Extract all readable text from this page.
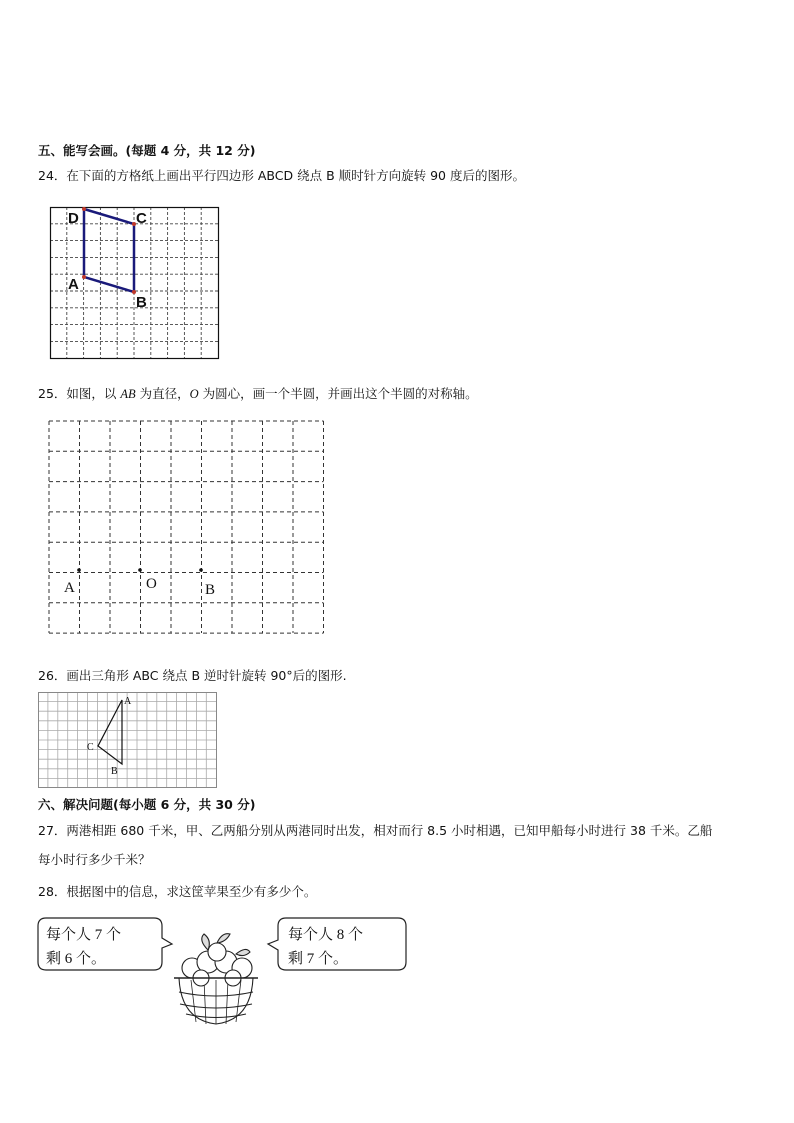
五、能写会画。(每题 4 分，共 12 分)
24．在下面的方格纸上画出平行四边形 ABCD 绕点 B 顺时针方向旋转 90 度后的图形。
D	C
A
B
25．如图，以 AB 为直径，O 为圆心，画一个半圆，并画出这个半圆的对称轴。
A	O	B
26．画出三角形 ABC 绕点 B 逆时针旋转 90°后的图形.
A
C
B
六、解决问题(每小题 6 分，共 30 分)
27．两港相距 680 千米，甲、乙两船分别从两港同时出发，相对而行 8.5 小时相遇，已知甲船每小时进行 38 千米。乙船
每小时行多少千米？
28．根据图中的信息，求这筐苹果至少有多少个。
每个人 7 个
剩 6 个。
每个人 8 个
剩 7 个。
